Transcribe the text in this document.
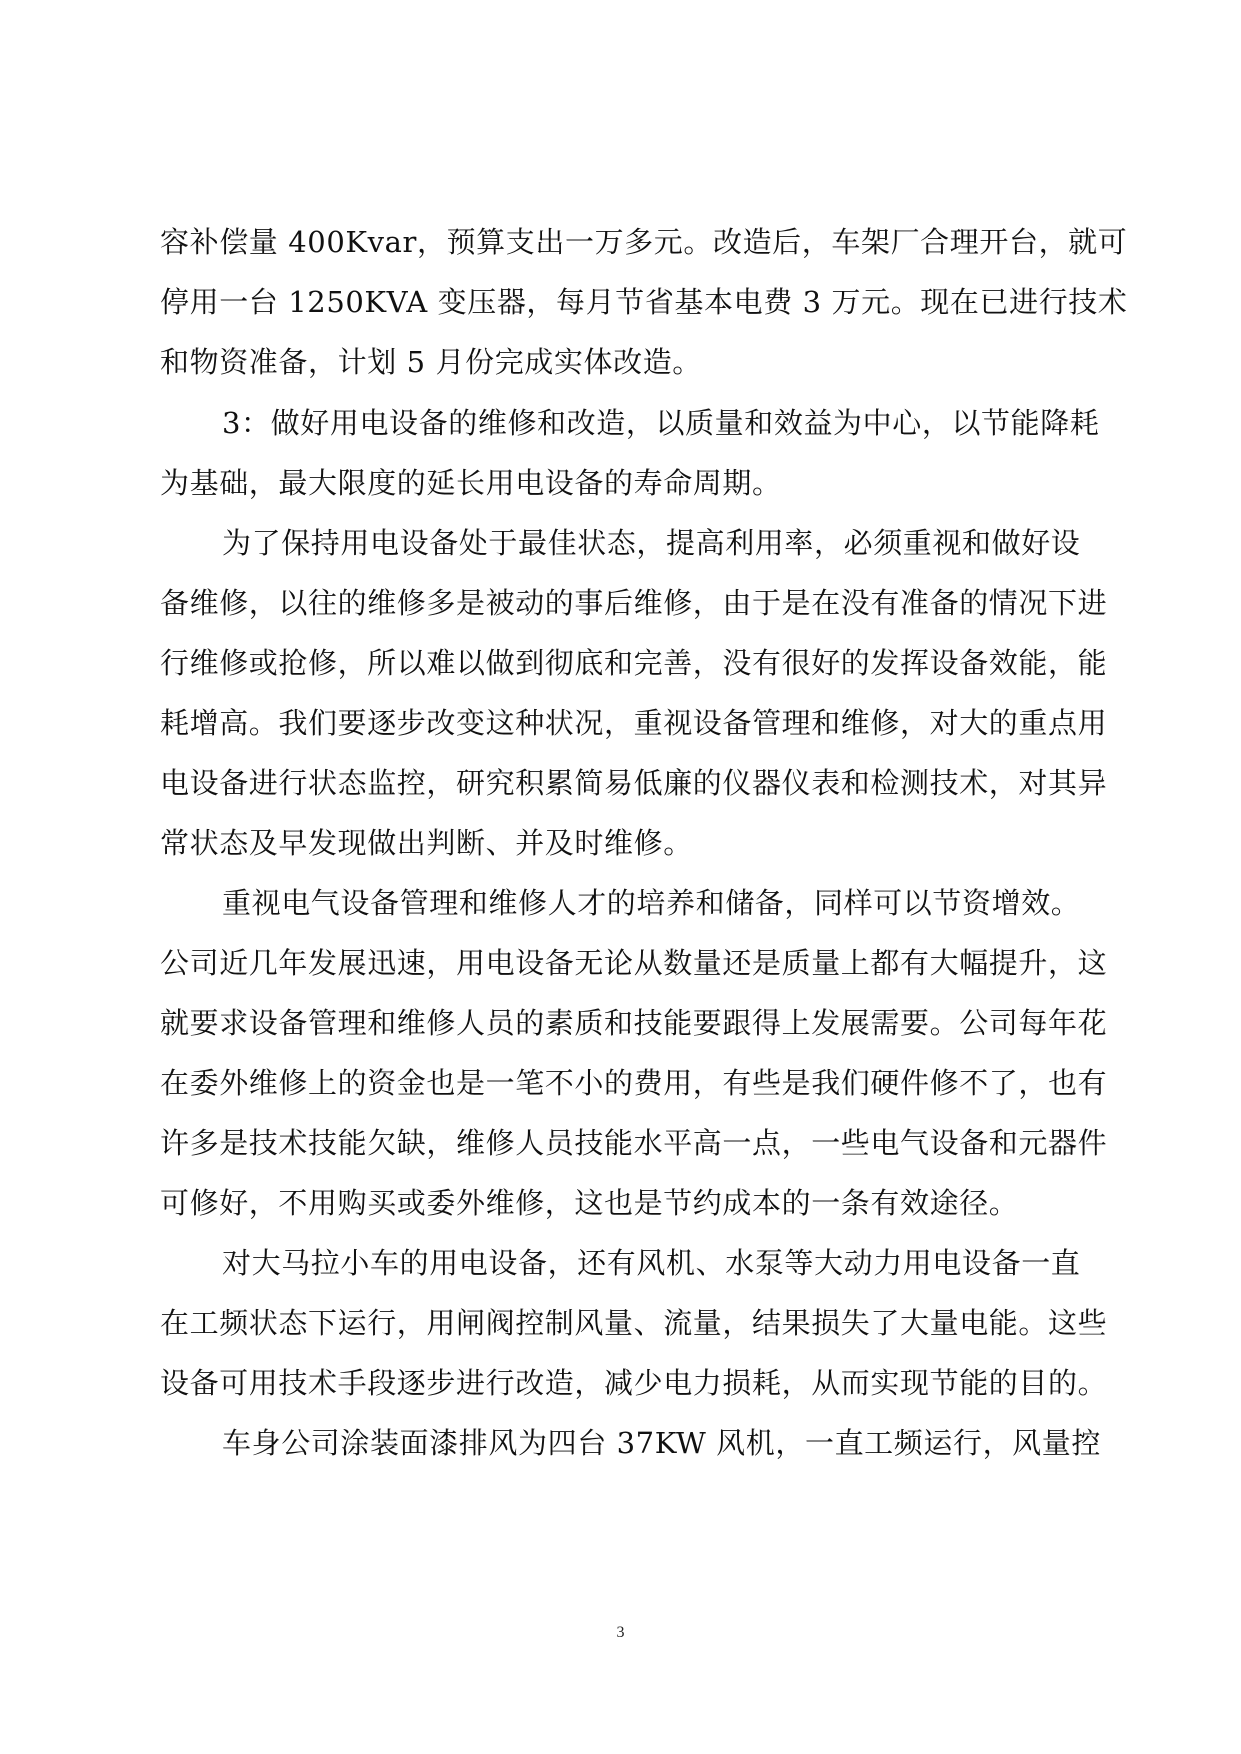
容补偿量 400Kvar，预算支出一万多元。改造后，车架厂合理开台，就可
停用一台 1250KVA 变压器，每月节省基本电费 3 万元。现在已进行技术
和物资准备，计划 5 月份完成实体改造。
3：做好用电设备的维修和改造，以质量和效益为中心，以节能降耗
为基础，最大限度的延长用电设备的寿命周期。
为了保持用电设备处于最佳状态，提高利用率，必须重视和做好设
备维修，以往的维修多是被动的事后维修，由于是在没有准备的情况下进
行维修或抢修，所以难以做到彻底和完善，没有很好的发挥设备效能，能
耗增高。我们要逐步改变这种状况，重视设备管理和维修，对大的重点用
电设备进行状态监控，研究积累简易低廉的仪器仪表和检测技术，对其异
常状态及早发现做出判断、并及时维修。
重视电气设备管理和维修人才的培养和储备，同样可以节资增效。
公司近几年发展迅速，用电设备无论从数量还是质量上都有大幅提升，这
就要求设备管理和维修人员的素质和技能要跟得上发展需要。公司每年花
在委外维修上的资金也是一笔不小的费用，有些是我们硬件修不了，也有
许多是技术技能欠缺，维修人员技能水平高一点，一些电气设备和元器件
可修好，不用购买或委外维修，这也是节约成本的一条有效途径。
对大马拉小车的用电设备，还有风机、水泵等大动力用电设备一直
在工频状态下运行，用闸阀控制风量、流量，结果损失了大量电能。这些
设备可用技术手段逐步进行改造，减少电力损耗，从而实现节能的目的。
车身公司涂装面漆排风为四台 37KW 风机，一直工频运行，风量控
3
